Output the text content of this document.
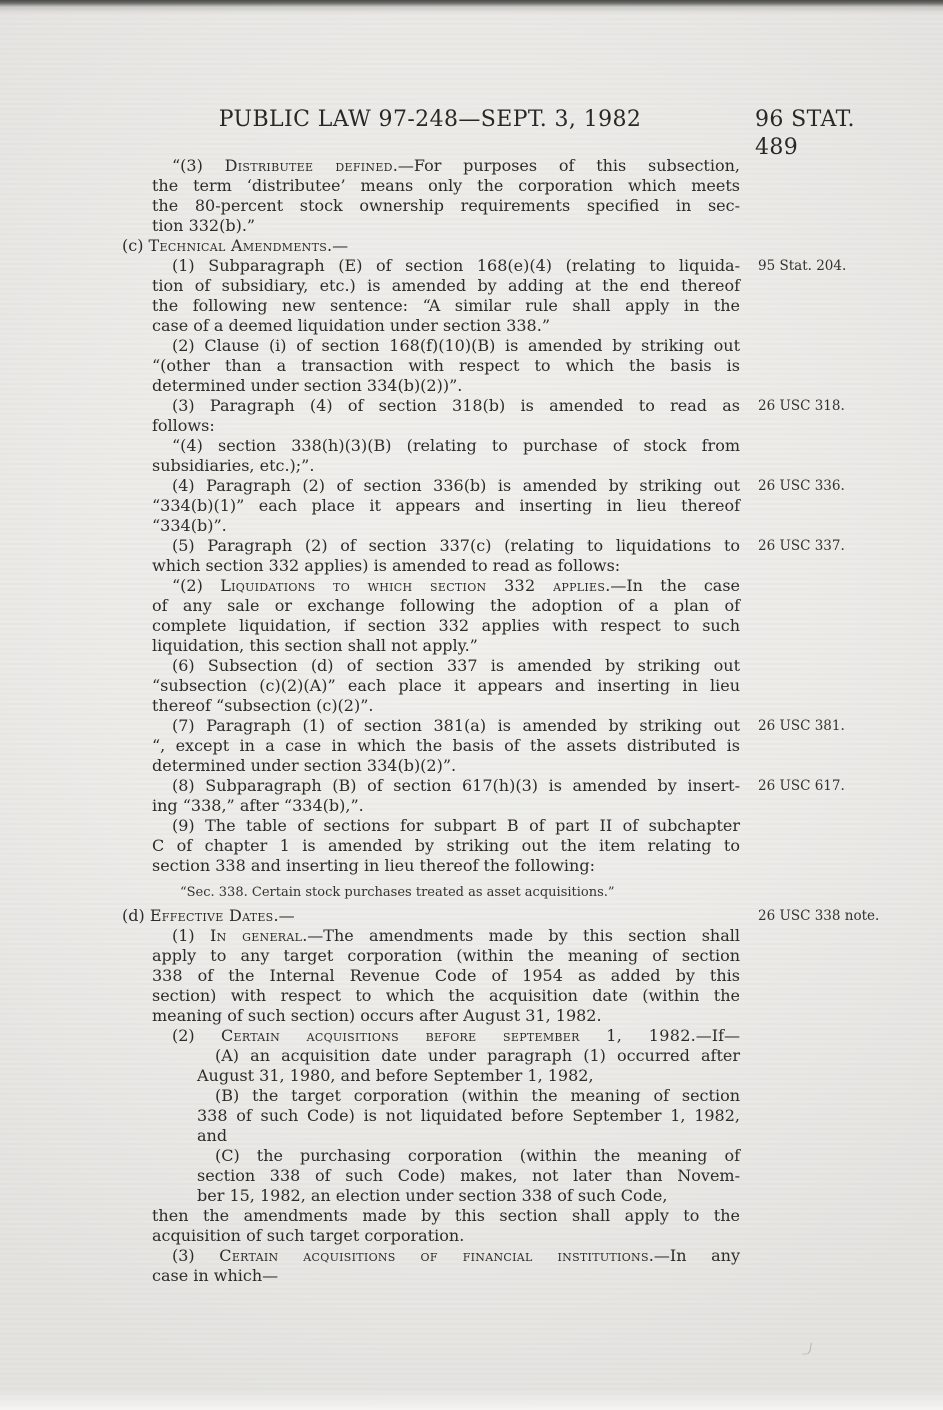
PUBLIC LAW 97-248—SEPT. 3, 1982	96 STAT. 489
“(3) Distributee defined.—For purposes of this subsection,
the term ‘distributee’ means only the corporation which meets
the 80-percent stock ownership requirements specified in sec-
tion 332(b).”
(c) Technical Amendments.—
(1) Subparagraph (E) of section 168(e)(4) (relating to liquida- 95 Stat. 204.
tion of subsidiary, etc.) is amended by adding at the end thereof
the following new sentence: “A similar rule shall apply in the
case of a deemed liquidation under section 338.”
(2) Clause (i) of section 168(f)(10)(B) is amended by striking out
“(other than a transaction with respect to which the basis is
determined under section 334(b)(2))”.
(3) Paragraph (4) of section 318(b) is amended to read as 26 USC 318.
follows:
“(4) section 338(h)(3)(B) (relating to purchase of stock from
subsidiaries, etc.);”.
(4) Paragraph (2) of section 336(b) is amended by striking out 26 USC 336.
“334(b)(1)” each place it appears and inserting in lieu thereof
“334(b)”.
(5) Paragraph (2) of section 337(c) (relating to liquidations to 26 USC 337.
which section 332 applies) is amended to read as follows:
“(2) Liquidations to which section 332 applies.—In the case
of any sale or exchange following the adoption of a plan of
complete liquidation, if section 332 applies with respect to such
liquidation, this section shall not apply.”
(6) Subsection (d) of section 337 is amended by striking out
“subsection (c)(2)(A)” each place it appears and inserting in lieu
thereof “subsection (c)(2)”.
(7) Paragraph (1) of section 381(a) is amended by striking out 26 USC 381.
“, except in a case in which the basis of the assets distributed is
determined under section 334(b)(2)”.
(8) Subparagraph (B) of section 617(h)(3) is amended by insert- 26 USC 617.
ing “338,” after “334(b),”.
(9) The table of sections for subpart B of part II of subchapter
C of chapter 1 is amended by striking out the item relating to
section 338 and inserting in lieu thereof the following:
“Sec. 338. Certain stock purchases treated as asset acquisitions.”
(d) Effective Dates.—	26 USC 338 note.
(1) In general.—The amendments made by this section shall
apply to any target corporation (within the meaning of section
338 of the Internal Revenue Code of 1954 as added by this
section) with respect to which the acquisition date (within the
meaning of such section) occurs after August 31, 1982.
(2) Certain acquisitions before september 1, 1982.—If—
(A) an acquisition date under paragraph (1) occurred after
August 31, 1980, and before September 1, 1982,
(B) the target corporation (within the meaning of section
338 of such Code) is not liquidated before September 1, 1982,
and
(C) the purchasing corporation (within the meaning of
section 338 of such Code) makes, not later than Novem-
ber 15, 1982, an election under section 338 of such Code,
then the amendments made by this section shall apply to the
acquisition of such target corporation.
(3) Certain acquisitions of financial institutions.—In any
case in which—
